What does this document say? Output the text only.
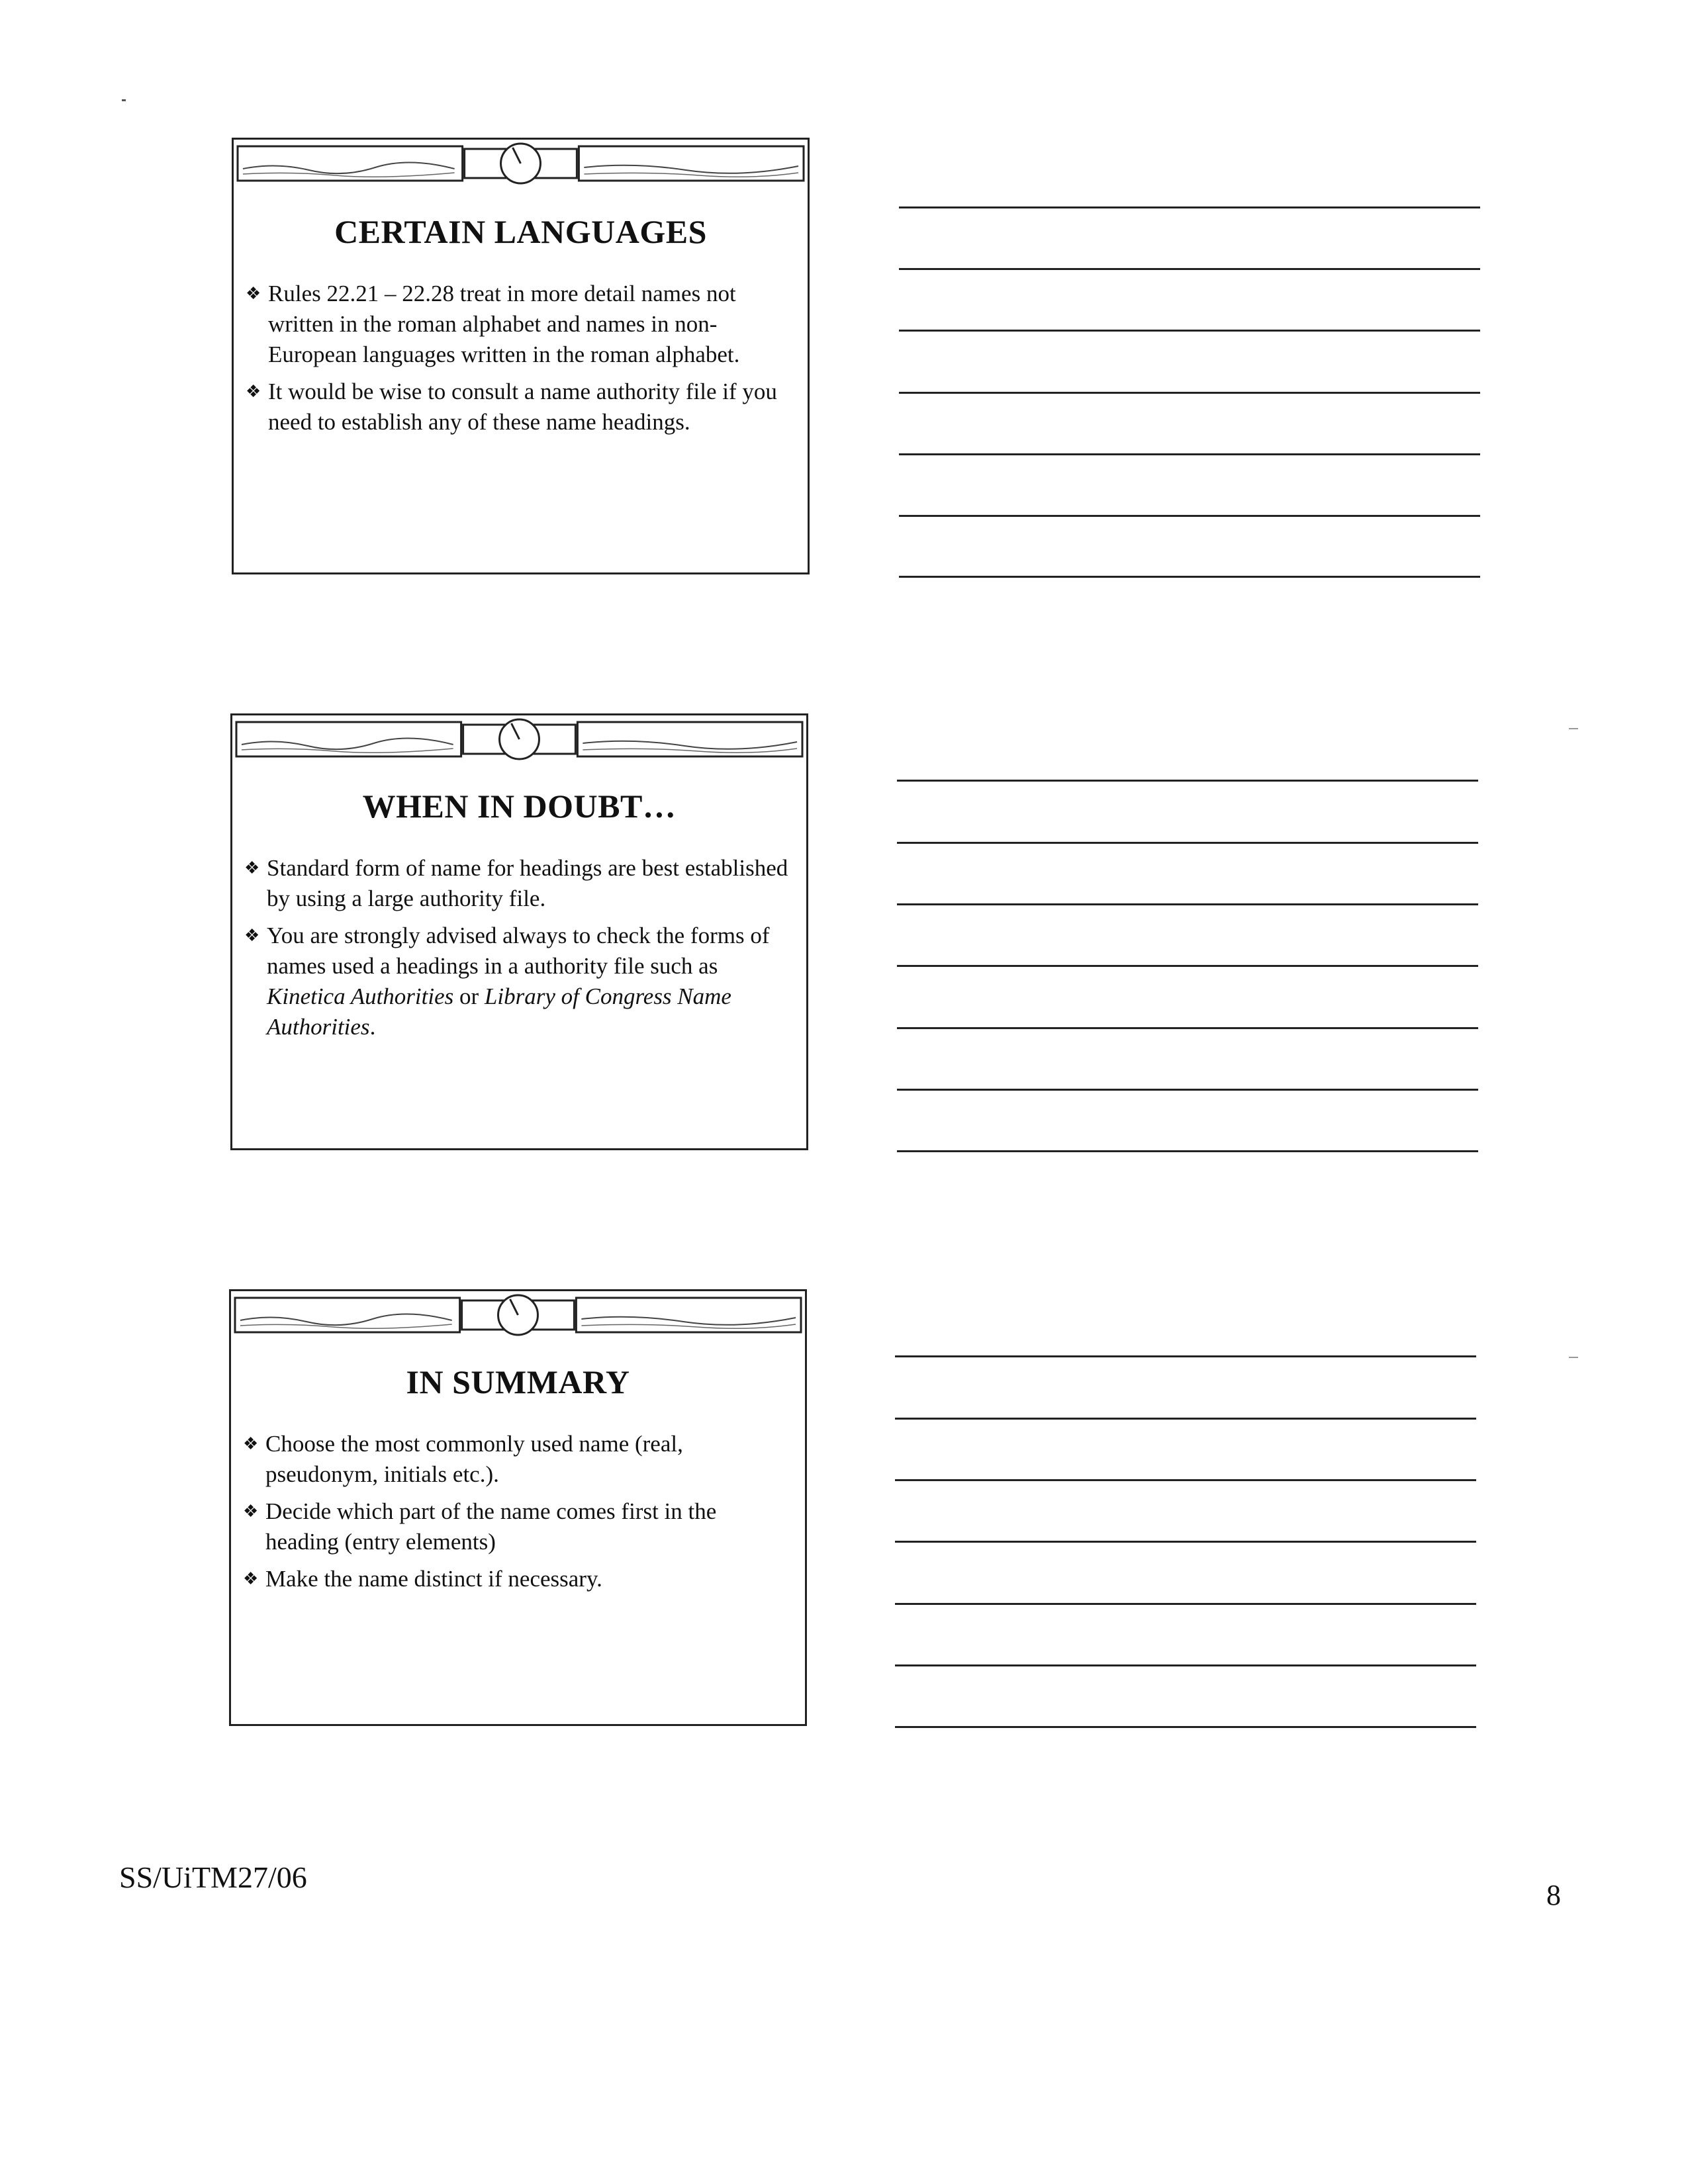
CERTAIN LANGUAGES
❖ Rules 22.21 – 22.28 treat in more detail names not written in the roman alphabet and names in non-European languages written in the roman alphabet.
❖ It would be wise to consult a name authority file if you need to establish any of these name headings.
WHEN IN DOUBT…
❖ Standard form of name for headings are best established by using a large authority file.
❖ You are strongly advised always to check the forms of names used a headings in a authority file such as Kinetica Authorities or Library of Congress Name Authorities.
IN SUMMARY
❖ Choose the most commonly used name (real, pseudonym, initials etc.).
❖ Decide which part of the name comes first in the heading (entry elements)
❖ Make the name distinct if necessary.
SS/UiTM27/06
8
